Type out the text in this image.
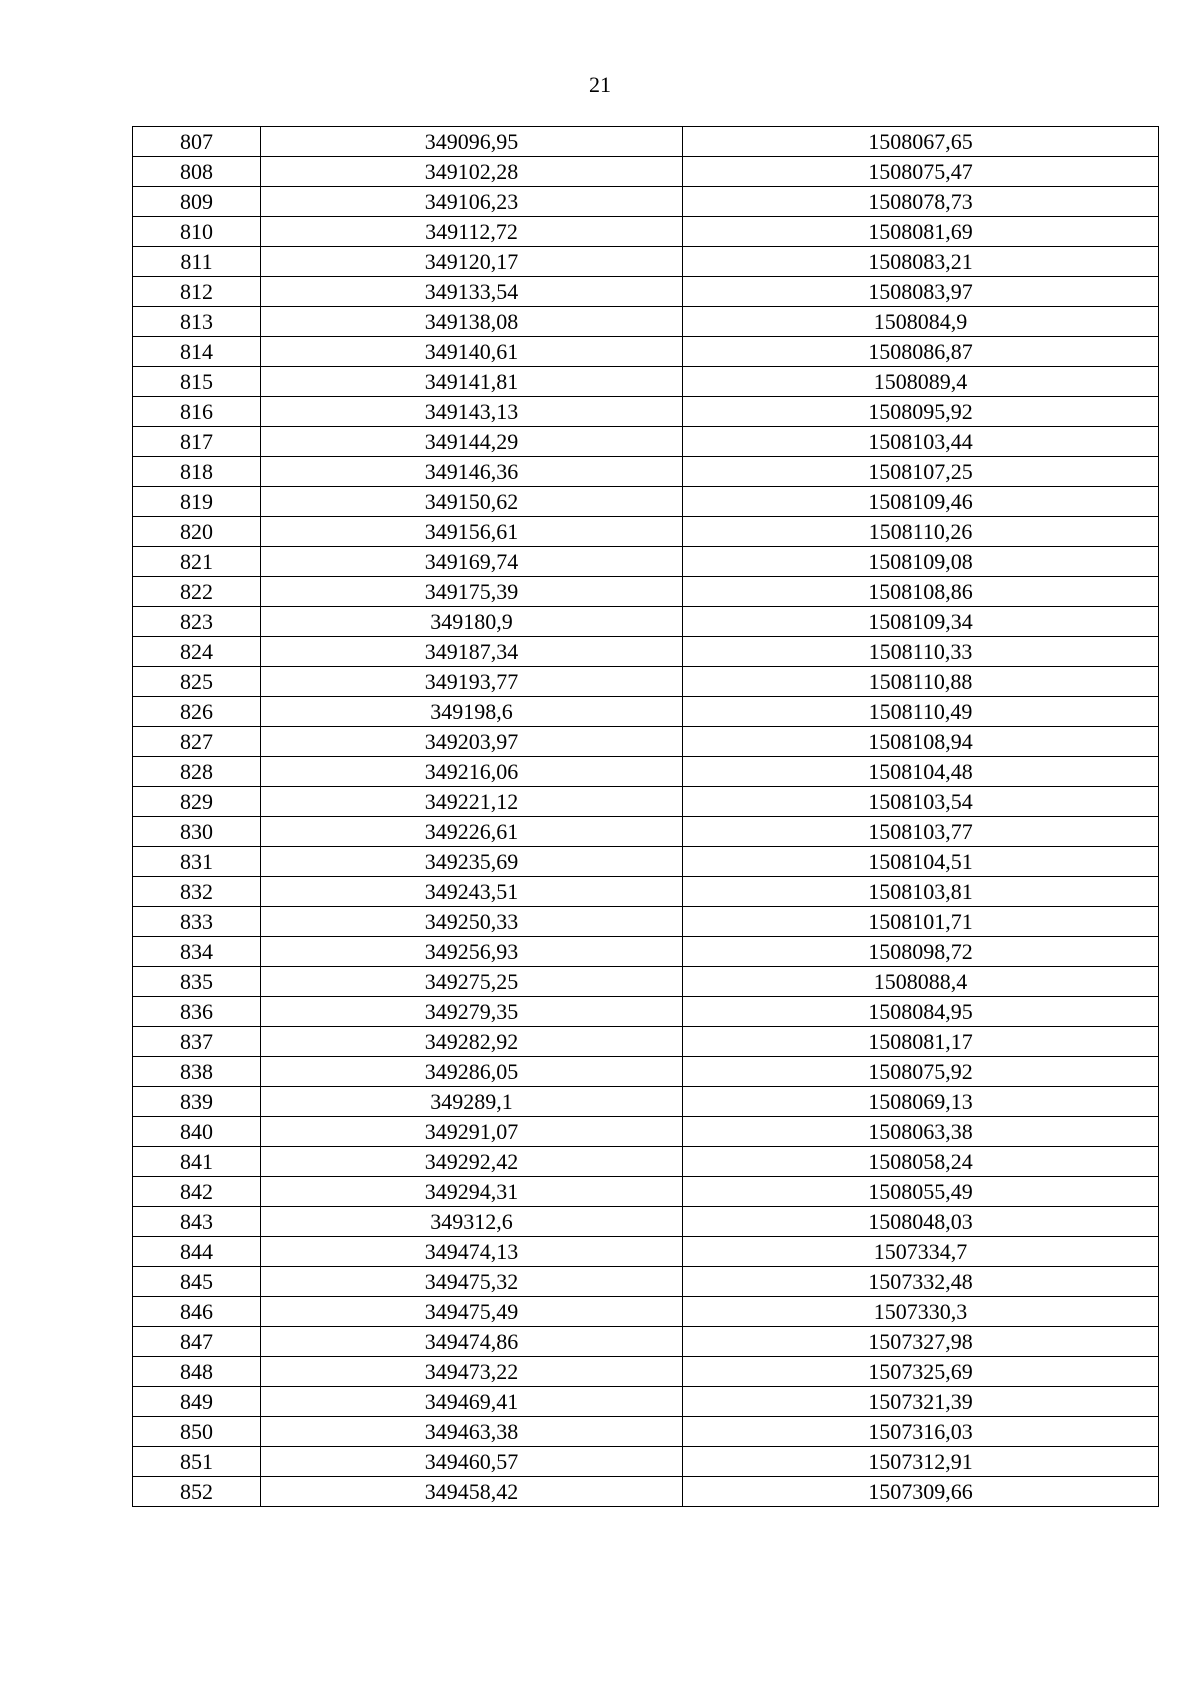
21
807	349096,95	1508067,65
808	349102,28	1508075,47
809	349106,23	1508078,73
810	349112,72	1508081,69
811	349120,17	1508083,21
812	349133,54	1508083,97
813	349138,08	1508084,9
814	349140,61	1508086,87
815	349141,81	1508089,4
816	349143,13	1508095,92
817	349144,29	1508103,44
818	349146,36	1508107,25
819	349150,62	1508109,46
820	349156,61	1508110,26
821	349169,74	1508109,08
822	349175,39	1508108,86
823	349180,9	1508109,34
824	349187,34	1508110,33
825	349193,77	1508110,88
826	349198,6	1508110,49
827	349203,97	1508108,94
828	349216,06	1508104,48
829	349221,12	1508103,54
830	349226,61	1508103,77
831	349235,69	1508104,51
832	349243,51	1508103,81
833	349250,33	1508101,71
834	349256,93	1508098,72
835	349275,25	1508088,4
836	349279,35	1508084,95
837	349282,92	1508081,17
838	349286,05	1508075,92
839	349289,1	1508069,13
840	349291,07	1508063,38
841	349292,42	1508058,24
842	349294,31	1508055,49
843	349312,6	1508048,03
844	349474,13	1507334,7
845	349475,32	1507332,48
846	349475,49	1507330,3
847	349474,86	1507327,98
848	349473,22	1507325,69
849	349469,41	1507321,39
850	349463,38	1507316,03
851	349460,57	1507312,91
852	349458,42	1507309,66
